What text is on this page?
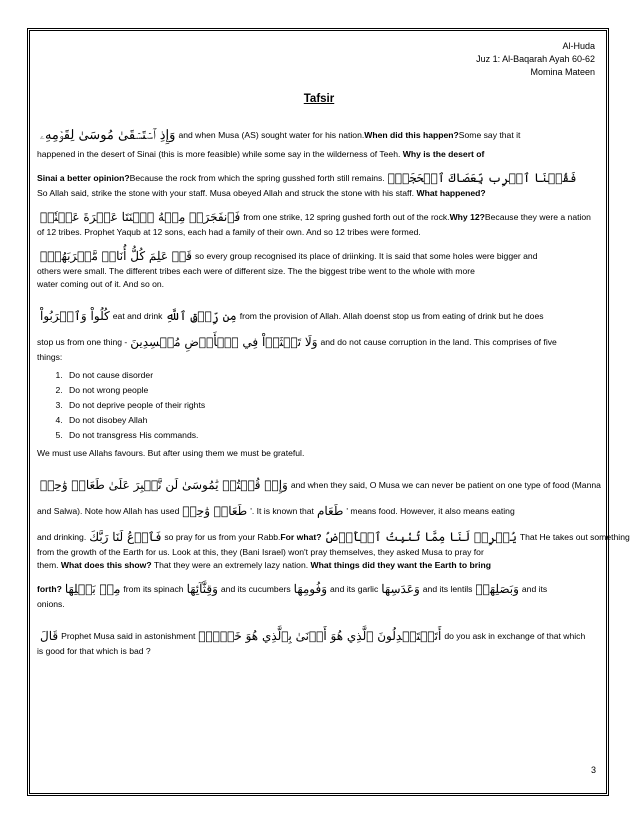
Al-Huda
Juz 1: Al-Baqarah Ayah 60-62
Momina Mateen
Tafsir
وَإِذِ ٱسۡتَسۡقَىٰ مُوسَىٰ لِقَوۡمِهِۦ and when Musa (AS) sought water for his nation. When did this happen? Some say that it
happened in the desert of Sinai (this is more feasible) while some say in the wilderness of Teeh. Why is the desert of
Sinai a better opinion? Because the rock from which the spring gusshed forth still remains. فَقُلۡنَا ٱضۡرِب بِّعَصَاكَ ٱلۡحَجَرَۖ
So Allah said, strike the stone with your staff. Musa obeyed Allah and struck the stone with his staff. What happened?
فَٱنفَجَرَتۡ مِنۡهُ ٱثۡنَتَا عَشۡرَةَ عَيۡنٗاۖ from one strike, 12 spring gushed forth out of the rock. Why 12? Because they were a nation
of 12 tribes. Prophet Yaqub at 12 sons, each had a family of their own. And so 12 tribes were formed.
قَدۡ عَلِمَ كُلُّ أُنَاسٖ مَّشۡرَبَهُمۡۖ so every group recognised its place of driinking. It is said that some holes were bigger and
others were small. The different tribes each were of different size. The the biggest tribe went to the whole with more
water coming out of it. And so on.
كُلُواْ وَٱشۡرَبُواْ eat and drink مِن رِّزۡقِ ٱللَّهِ from the provision of Allah. Allah doenst stop us from eating of drink but he does
stop us from one thing - وَلَا تَعۡثَوۡاْ فِي ٱلۡأَرۡضِ مُفۡسِدِينَ and do not cause corruption in the land. This comprises of five
things:
1. Do not cause disorder
2. Do not wrong people
3. Do not deprive people of their rights
4. Do not disobey Allah
5. Do not transgress His commands.
We must use Allahs favours. But after using them we must be grateful.
وَإِذۡ قُلۡتُمۡ يَٰمُوسَىٰ لَن نَّصۡبِرَ عَلَىٰ طَعَامٖ وَٰحِدٖ and when they said, O Musa we can never be patient on one type of food (Manna
and Salwa). Note how Allah has used طَعَامٖ وَٰحِدٖ '. It is known that طَعَام ' means food. However, it also means eating
and drinking. فَٱدۡعُ لَنَا رَبَّكَ so pray for us from your Rabb. For what? يُخۡرِجۡ لَنَا مِمَّا تُنۢبِتُ ٱلۡأَرۡضُ That He takes out something
from the growth of the Earth for us. Look at this, they (Bani Israel) won't pray themselves, they asked Musa to pray for
them. What does this show? That they were an extremely lazy nation. What things did they want the Earth to bring
forth? مِنۢ بَقۡلِهَا from its spinach وَقِثَّآئِهَا and its cucumbers وَفُومِهَا and its garlic وَعَدَسِهَا and its lentils وَبَصَلِهَاۖ and its
onions.
قَالَ Prophet Musa said in astonishment أَتَسۡتَبۡدِلُونَ ٱلَّذِي هُوَ أَدۡنَىٰ بِٱلَّذِي هُوَ خَيۡرٌۚ do you ask in exchange of that which
is good for that which is bad ?
3
